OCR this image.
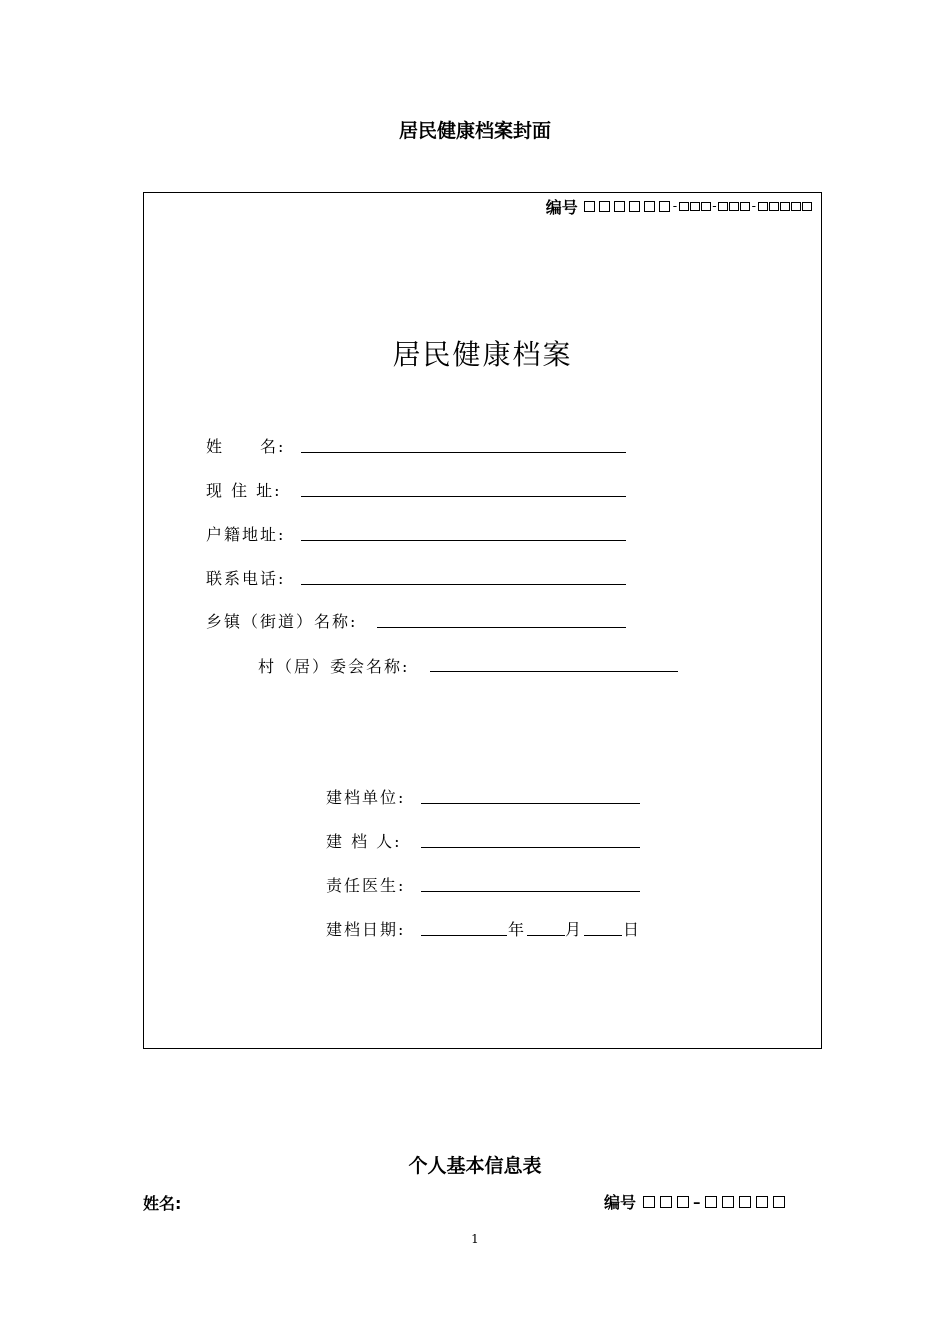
居民健康档案封面
编号	-	-	-
居民健康档案
姓　　名:
现 住 址:
户籍地址:
联系电话:
乡镇（街道）名称:
村（居）委会名称:
建档单位:
建 档 人:
责任医生:
建档日期:	年 月 日
个人基本信息表
姓名:	编号	–
1
